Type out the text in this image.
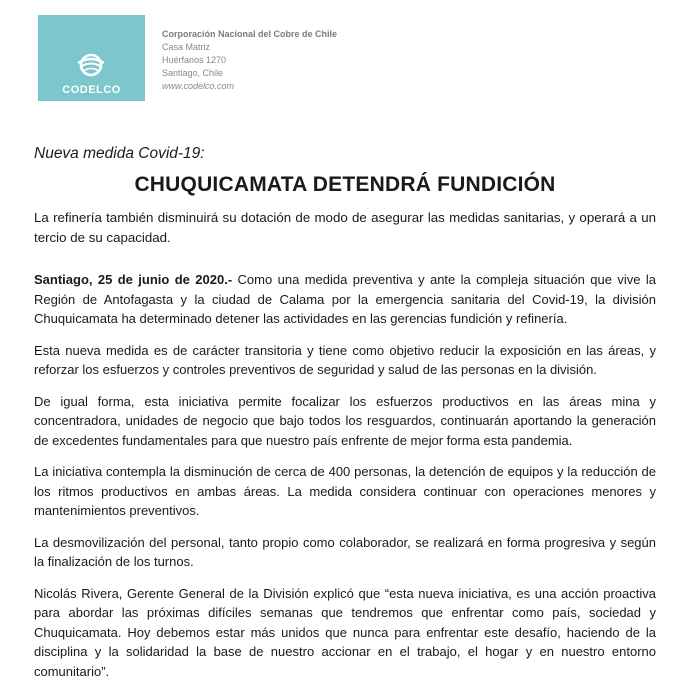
CODELCO
Corporación Nacional del Cobre de Chile
Casa Matriz
Huérfanos 1270
Santiago, Chile
www.codelco.com

Nueva medida Covid-19:

CHUQUICAMATA DETENDRÁ FUNDICIÓN

La refinería también disminuirá su dotación de modo de asegurar las medidas sanitarias, y operará a un tercio de su capacidad.

Santiago, 25 de junio de 2020.- Como una medida preventiva y ante la compleja situación que vive la Región de Antofagasta y la ciudad de Calama por la emergencia sanitaria del Covid-19, la división Chuquicamata ha determinado detener las actividades en las gerencias fundición y refinería.

Esta nueva medida es de carácter transitoria y tiene como objetivo reducir la exposición en las áreas, y reforzar los esfuerzos y controles preventivos de seguridad y salud de las personas en la división.

De igual forma, esta iniciativa permite focalizar los esfuerzos productivos en las áreas mina y concentradora, unidades de negocio que bajo todos los resguardos, continuarán aportando la generación de excedentes fundamentales para que nuestro país enfrente de mejor forma esta pandemia.

La iniciativa contempla la disminución de cerca de 400 personas, la detención de equipos y la reducción de los ritmos productivos en ambas áreas. La medida considera continuar con operaciones menores y mantenimientos preventivos.

La desmovilización del personal, tanto propio como colaborador, se realizará en forma progresiva y según la finalización de los turnos.

Nicolás Rivera, Gerente General de la División explicó que “esta nueva iniciativa, es una acción proactiva para abordar las próximas difíciles semanas que tendremos que enfrentar como país, sociedad y Chuquicamata. Hoy debemos estar más unidos que nunca para enfrentar este desafío, haciendo de la disciplina y la solidaridad la base de nuestro accionar en el trabajo, el hogar y en nuestro entorno comunitario”.
